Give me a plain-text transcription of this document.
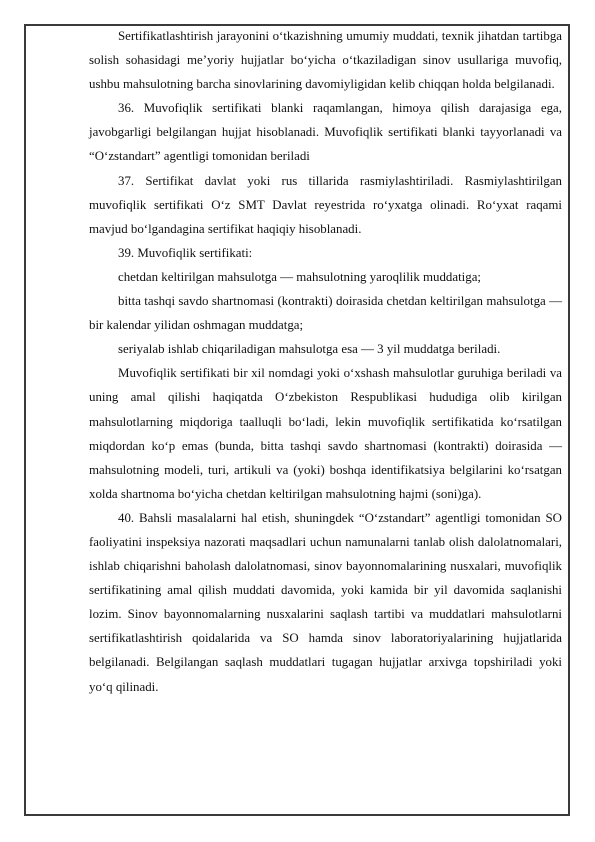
Sertifikatlashtirish jarayonini o‘tkazishning umumiy muddati, texnik jihatdan tartibga solish sohasidagi me’yoriy hujjatlar bo‘yicha o‘tkaziladigan sinov usullariga muvofiq, ushbu mahsulotning barcha sinovlarining davomiyligidan kelib chiqqan holda belgilanadi.

36. Muvofiqlik sertifikati blanki raqamlangan, himoya qilish darajasiga ega, javobgarligi belgilangan hujjat hisoblanadi. Muvofiqlik sertifikati blanki tayyorlanadi va “O‘zstandart” agentligi tomonidan beriladi

37. Sertifikat davlat yoki rus tillarida rasmiylashtiriladi. Rasmiylashtirilgan muvofiqlik sertifikati O‘z SMT Davlat reyestrida ro‘yxatga olinadi. Ro‘yxat raqami mavjud bo‘lgandagina sertifikat haqiqiy hisoblanadi.

39. Muvofiqlik sertifikati:

chetdan keltirilgan mahsulotga — mahsulotning yaroqlilik muddatiga;

bitta tashqi savdo shartnomasi (kontrakti) doirasida chetdan keltirilgan mahsulotga — bir kalendar yilidan oshmagan muddatga;

seriyalab ishlab chiqariladigan mahsulotga esa — 3 yil muddatga beriladi.

Muvofiqlik sertifikati bir xil nomdagi yoki o‘xshash mahsulotlar guruhiga beriladi va uning amal qilishi haqiqatda O‘zbekiston Respublikasi hududiga olib kirilgan mahsulotlarning miqdoriga taalluqli bo‘ladi, lekin muvofiqlik sertifikatida ko‘rsatilgan miqdordan ko‘p emas (bunda, bitta tashqi savdo shartnomasi (kontrakti) doirasida — mahsulotning modeli, turi, artikuli va (yoki) boshqa identifikatsiya belgilarini ko‘rsatgan xolda shartnoma bo‘yicha chetdan keltirilgan mahsulotning hajmi (soni)ga).

40. Bahsli masalalarni hal etish, shuningdek “O‘zstandart” agentligi tomonidan SO faoliyatini inspeksiya nazorati maqsadlari uchun namunalarni tanlab olish dalolatnomalari, ishlab chiqarishni baholash dalolatnomasi, sinov bayonnomalarining nusxalari, muvofiqlik sertifikatining amal qilish muddati davomida, yoki kamida bir yil davomida saqlanishi lozim. Sinov bayonnomalarning nusxalarini saqlash tartibi va muddatlari mahsulotlarni sertifikatlashtirish qoidalarida va SO hamda sinov laboratoriyalarining hujjatlarida belgilanadi. Belgilangan saqlash muddatlari tugagan hujjatlar arxivga topshiriladi yoki yo‘q qilinadi.
